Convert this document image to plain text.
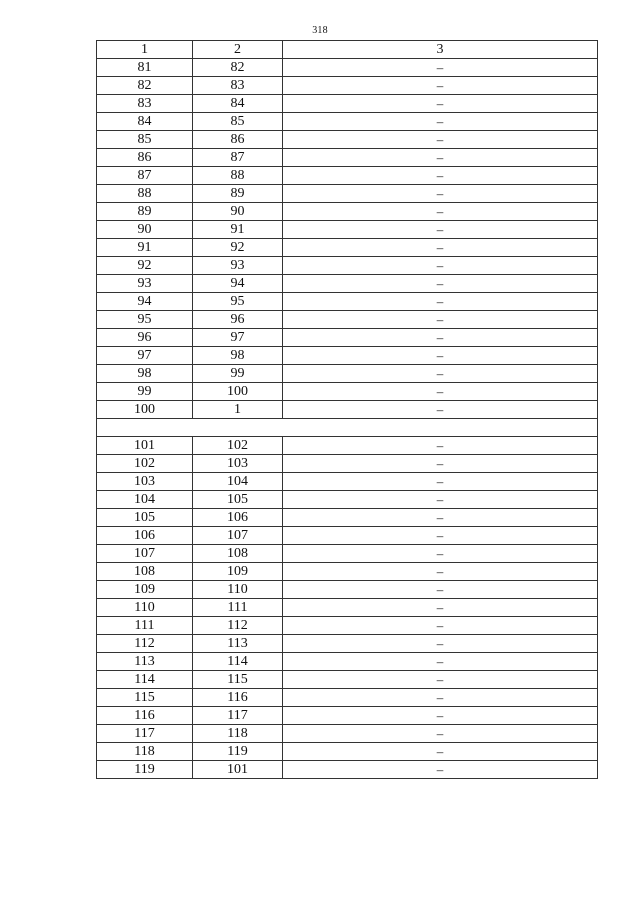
318
1	2	3
81	82	–
82	83	–
83	84	–
84	85	–
85	86	–
86	87	–
87	88	–
88	89	–
89	90	–
90	91	–
91	92	–
92	93	–
93	94	–
94	95	–
95	96	–
96	97	–
97	98	–
98	99	–
99	100	–
100	1	–

101	102	–
102	103	–
103	104	–
104	105	–
105	106	–
106	107	–
107	108	–
108	109	–
109	110	–
110	111	–
111	112	–
112	113	–
113	114	–
114	115	–
115	116	–
116	117	–
117	118	–
118	119	–
119	101	–
